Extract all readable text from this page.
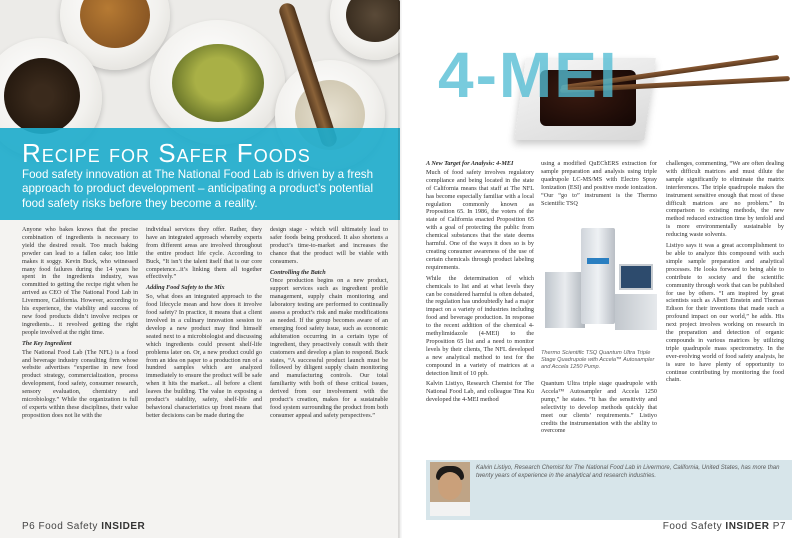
Recipe for Safer Foods
Food safety innovation at The National Food Lab is driven by a fresh approach to product development – anticipating a product’s potential food safety risks before they become a reality.

Anyone who bakes knows that the precise combination of ingredients is necessary to yield the desired result. Too much baking powder can lead to a fallen cake; too little makes it soggy. Kevin Buck, who witnessed many food failures during the 14 years he spent in the ingredients industry, was committed to getting the recipe right when he arrived as CEO of The National Food Lab in Livermore, California. However, according to his experience, the viability and success of new food products didn’t involve recipes or ingredients... it revolved getting the right people involved at the right time.

The Key Ingredient

The National Food Lab (The NFL) is a food and beverage industry consulting firm whose website advertises “expertise in new food product strategy, commercialization, process development, food safety, consumer research, sensory evaluation, chemistry and microbiology.” While the organization is full of experts within these disciplines, their value proposition does not lie with the

individual services they offer. Rather, they have an integrated approach whereby experts from different areas are involved throughout the entire product life cycle. According to Buck, “It isn’t the talent itself that is our core competence...it’s linking them all together effectively.”

Adding Food Safety to the Mix

So, what does an integrated approach to the food lifecycle mean and how does it involve food safety? In practice, it means that a client involved in a culinary innovation session to develop a new product may find himself seated next to a microbiologist and discussing which ingredients could present shelf-life problems later on. Or, a new product could go from an idea on paper to a production run of a hundred samples which are analyzed immediately to ensure the product will be safe when it hits the market... all before a client leaves the building. The value in exposing a product’s stability, safety, shelf-life and behavioral characteristics up front means that better decisions can be made during the

design stage - which will ultimately lead to safer foods being produced. It also shortens a product’s time-to-market and increases the chance that the product will be viable with consumers.

Controlling the Batch

Once production begins on a new product, support services such as ingredient profile management, supply chain monitoring and laboratory testing are performed to continually assess a product’s risk and make modifications as needed. If the group becomes aware of an emerging food safety issue, such as economic adulteration occurring in a certain type of ingredient, they proactively consult with their customers and develop a plan to respond. Buck states, “A successful product launch must be followed by diligent supply chain monitoring and manufacturing controls. Our total familiarity with both of these critical issues, derived from our involvement with the product’s creation, makes for a sustainable food system surrounding the product from both consumer appeal and safety perspectives.”

P6 Food Safety INSIDER
4-MEI
A New Target for Analysis: 4-MEI

Much of food safety involves regulatory compliance and being located in the state of California means that staff at The NFL has become especially familiar with a local regulation commonly known as Proposition 65. In 1986, the voters of the state of California enacted Proposition 65 with a goal of protecting the public from chemical substances that the state deems harmful. One of the ways it does so is by creating consumer awareness of the use of certain chemicals through product labeling requirements.

While the determination of which chemicals to list and at what levels they can be considered harmful is often debated, the regulation has undoubtedly had a major impact on a variety of industries including food and beverage production. In response to the recent addition of the chemical 4-methylimidazole (4-MEI) to the Proposition 65 list and a need to monitor levels by their clients, The NFL developed a new analytical method to test for the compound in a variety of matrices at a detection limit of 10 ppb.

Kalvin Listiyo, Research Chemist for The National Food Lab, and colleague Tina Ku developed the 4-MEI method

using a modified QuEChERS extraction for sample preparation and analysis using triple quadrupole LC-MS/MS with Electro Spray Ionization (ESI) and positive mode ionization. “Our “go to” instrument is the Thermo Scientific TSQ

Thermo Scientific TSQ Quantum Ultra Triple Stage Quadrupole with Accela™ Autosampler and Accela 1250 Pump.

Quantum Ultra triple stage quadrupole with Accela™ Autosampler and Accela 1250 pump,” he states. “It has the sensitivity and selectivity to develop methods quickly that meet our clients’ requirements.” Listiyo credits the instrumentation with the ability to overcome

challenges, commenting, “We are often dealing with difficult matrices and must dilute the sample significantly to eliminate the matrix interferences. The triple quadrupole makes the instrument sensitive enough that most of these difficult matrices are no problem.” In comparison to existing methods, the new method reduced extraction time by tenfold and is more environmentally sustainable by reducing waste solvents.

Listiyo says it was a great accomplishment to be able to analyze this compound with such simple sample preparation and analytical processes. He looks forward to being able to contribute to society and the scientific community through work that can be published for use by others. “I am inspired by great scientists such as Albert Einstein and Thomas Edison for their inventions that made such a profound impact on our world,” he adds. His next project involves working on research in the preparation and detection of organic compounds in various matrices by utilizing triple quadrupole mass spectrometry. In the ever-evolving world of food safety analysis, he is sure to have plenty of opportunity to continue contributing by monitoring the food chain.

Kalvin Listiyo, Research Chemist for The National Food Lab in Livermore, California, United States, has more than twenty years of experience in the analytical and research industries.
Food Safety INSIDER P7
